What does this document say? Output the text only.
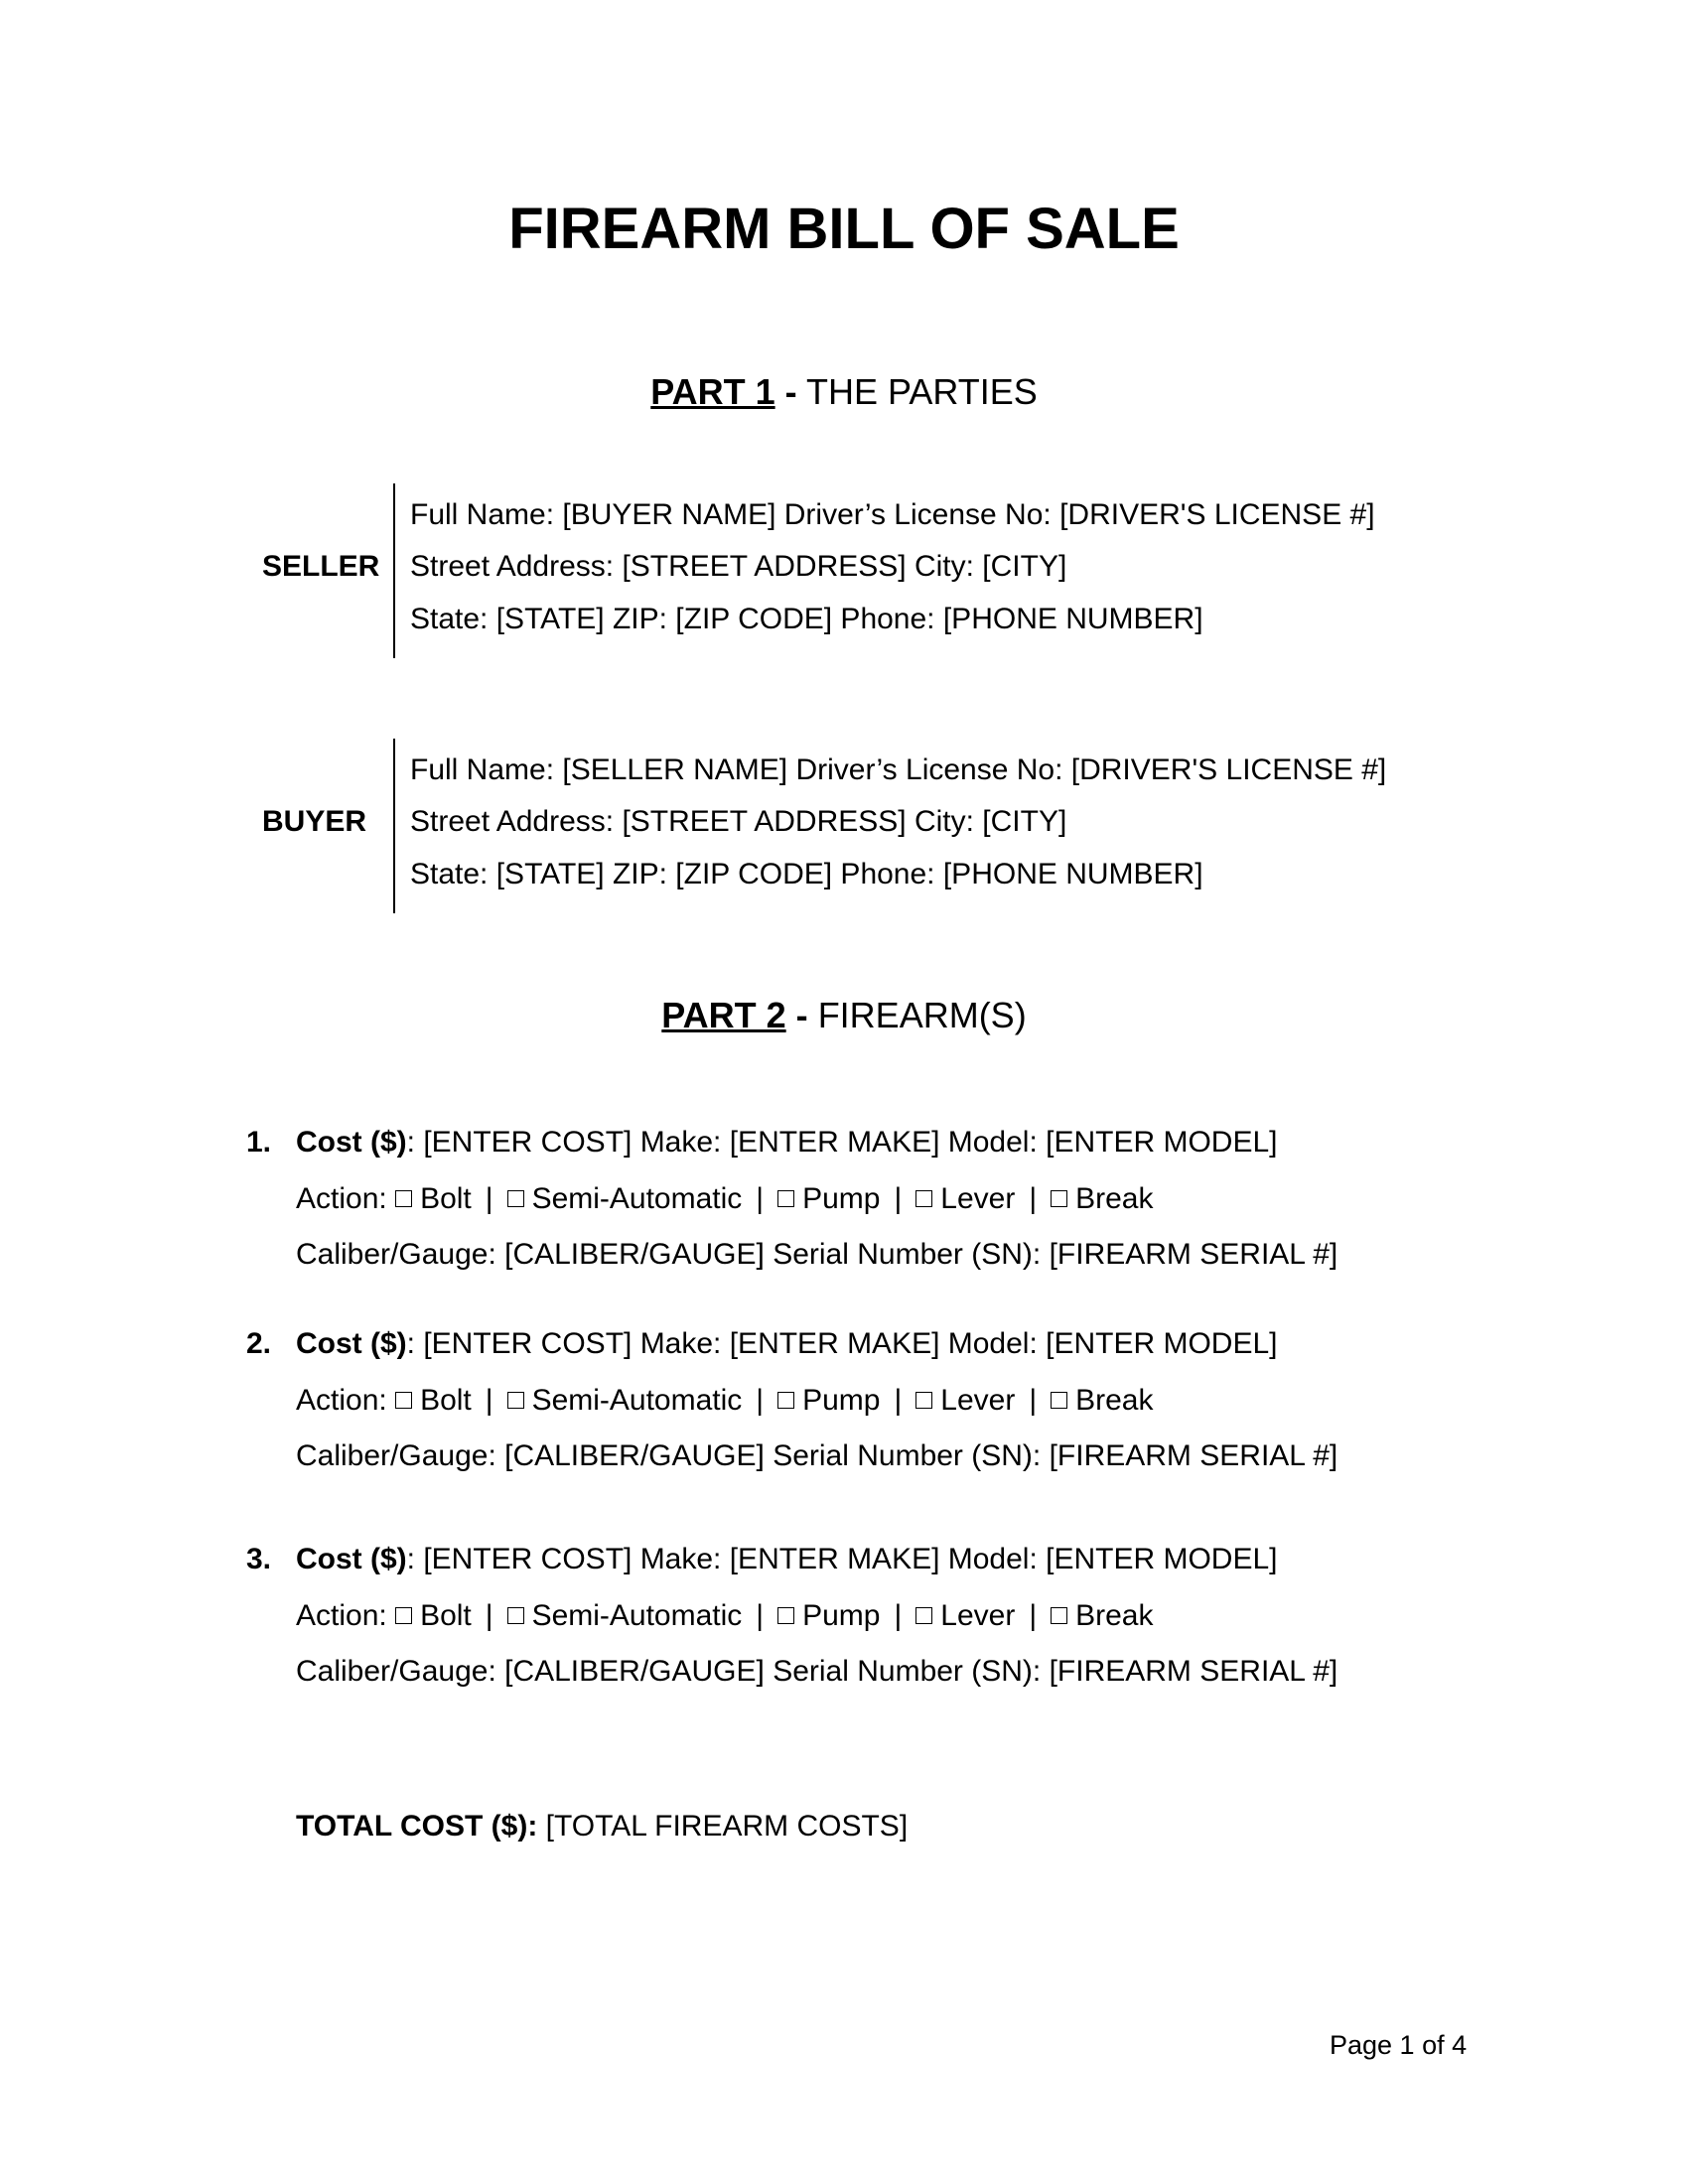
FIREARM BILL OF SALE
PART 1 - THE PARTIES
SELLER
Full Name: [BUYER NAME] Driver’s License No: [DRIVER'S LICENSE #]
Street Address: [STREET ADDRESS] City: [CITY]
State: [STATE] ZIP: [ZIP CODE] Phone: [PHONE NUMBER]
BUYER
Full Name: [SELLER NAME] Driver’s License No: [DRIVER'S LICENSE #]
Street Address: [STREET ADDRESS] City: [CITY]
State: [STATE] ZIP: [ZIP CODE] Phone: [PHONE NUMBER]
PART 2 - FIREARM(S)
1. Cost ($): [ENTER COST] Make: [ENTER MAKE] Model: [ENTER MODEL]
Action: Bolt | Semi-Automatic | Pump | Lever | Break
Caliber/Gauge: [CALIBER/GAUGE] Serial Number (SN): [FIREARM SERIAL #]
2. Cost ($): [ENTER COST] Make: [ENTER MAKE] Model: [ENTER MODEL]
Action: Bolt | Semi-Automatic | Pump | Lever | Break
Caliber/Gauge: [CALIBER/GAUGE] Serial Number (SN): [FIREARM SERIAL #]
3. Cost ($): [ENTER COST] Make: [ENTER MAKE] Model: [ENTER MODEL]
Action: Bolt | Semi-Automatic | Pump | Lever | Break
Caliber/Gauge: [CALIBER/GAUGE] Serial Number (SN): [FIREARM SERIAL #]
TOTAL COST ($): [TOTAL FIREARM COSTS]
Page 1 of 4
